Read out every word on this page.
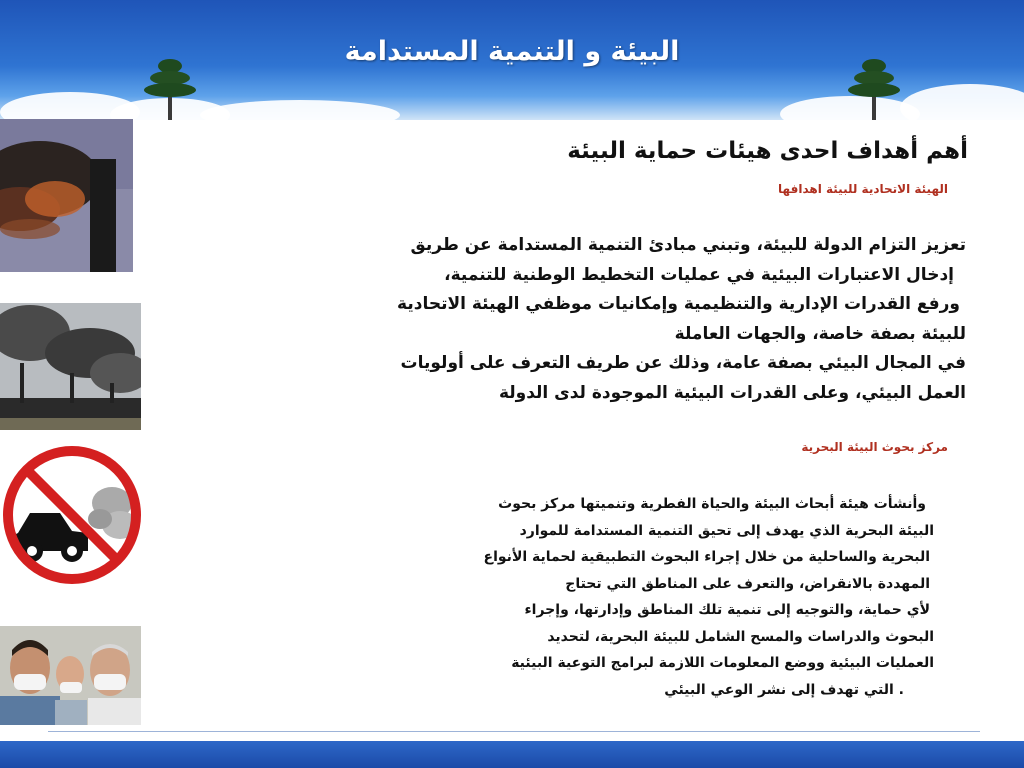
البيئة و التنمية المستدامة
أهم أهداف احدى هيئات حماية البيئة
الهيئة الاتحادية للبيئة اهدافها
تعزيز التزام الدولة للبيئة، وتبني مبادئ التنمية المستدامة عن طريق
إدخال الاعتبارات البيئية في عمليات التخطيط الوطنية للتنمية،
ورفع القدرات الإدارية والتنظيمية وإمكانيات موظفي الهيئة الاتحادية
للبيئة بصفة خاصة، والجهات العاملة
في المجال البيئي بصفة عامة، وذلك عن طريف التعرف على أولويات
العمل البيئي، وعلى القدرات البيئية الموجودة لدى الدولة
مركز بحوث البيئة البحرية
وأنشأت هيئة أبحاث البيئة والحياة الفطرية وتنميتها مركز بحوث
البيئة البحرية الذي يهدف إلى تحيق التنمية المستدامة للموارد
البحرية والساحلية من خلال إجراء البحوث التطبيقية لحماية الأنواع
المهددة بالانقراض، والتعرف على المناطق التي تحتاج
لأي حماية، والتوجيه إلى تنمية تلك المناطق وإدارتها، وإجراء
البحوث والدراسات والمسح الشامل للبيئة البحرية، لتحديد
العمليات البيئية ووضع المعلومات اللازمة لبرامج التوعية البيئية
. التي تهدف إلى نشر الوعي البيئي
